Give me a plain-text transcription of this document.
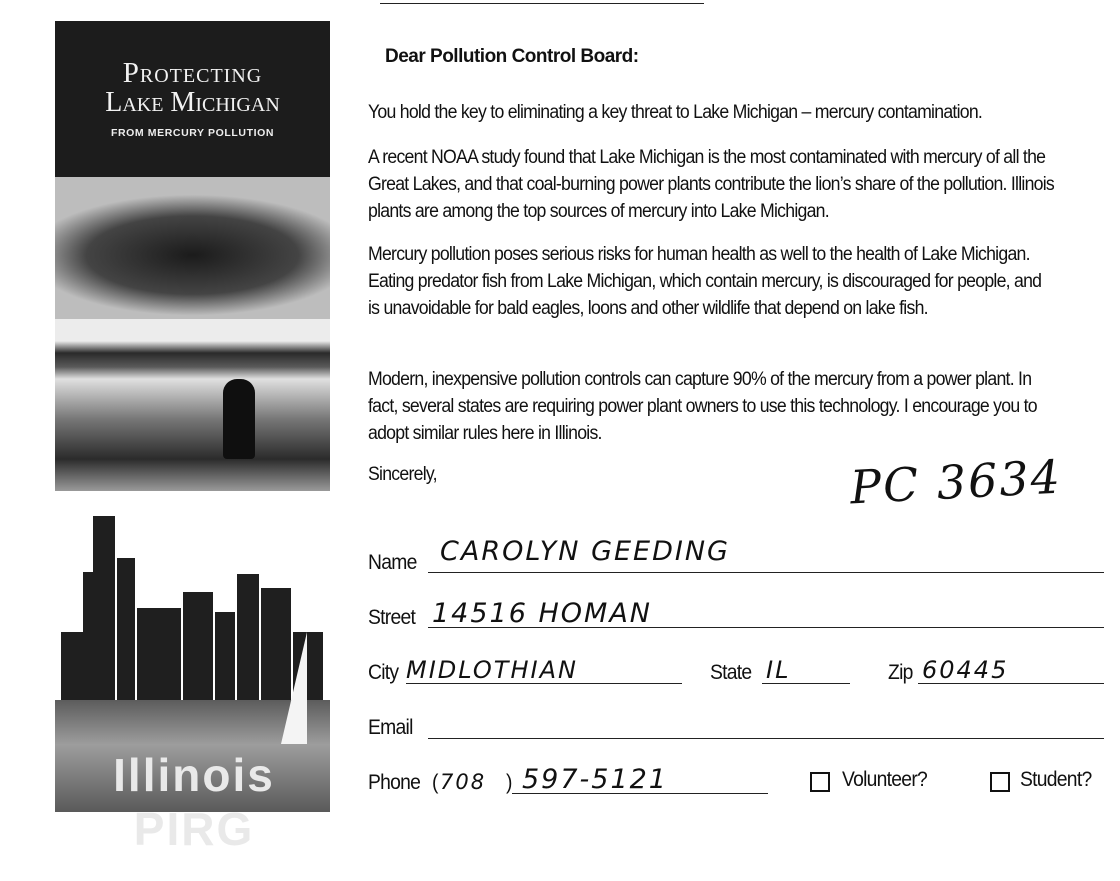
Protecting
Lake Michigan
FROM MERCURY POLLUTION
Illinois PIRG
Dear Pollution Control Board:
You hold the key to eliminating a key threat to Lake Michigan – mercury contamination.
A recent NOAA study found that Lake Michigan is the most contaminated with mercury of all the Great Lakes, and that coal-burning power plants contribute the lion’s share of the pollution. Illinois plants are among the top sources of mercury into Lake Michigan.
Mercury pollution poses serious risks for human health as well to the health of Lake Michigan. Eating predator fish from Lake Michigan, which contain mercury, is discouraged for people, and is unavoidable for bald eagles, loons and other wildlife that depend on lake fish.
Modern, inexpensive pollution controls can capture 90% of the mercury from a power plant. In fact, several states are requiring power plant owners to use this technology. I encourage you to adopt similar rules here in Illinois.
Sincerely,	PC 3634
Name CAROLYN GEEDING
Street 14516 HOMAN
City MIDLOTHIAN	State IL	Zip 60445
Email
Phone ( 708 ) 597-5121	Volunteer?	Student?
